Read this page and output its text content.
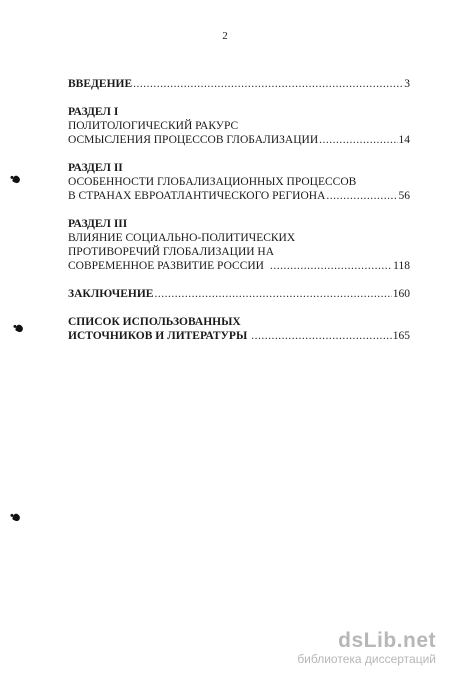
2
ВВЕДЕНИЕ .....	3
РАЗДЕЛ I
ПОЛИТОЛОГИЧЕСКИЙ РАКУРС
ОСМЫСЛЕНИЯ ПРОЦЕССОВ ГЛОБАЛИЗАЦИИ .....	14
РАЗДЕЛ II
ОСОБЕННОСТИ ГЛОБАЛИЗАЦИОННЫХ ПРОЦЕССОВ
В СТРАНАХ ЕВРОАТЛАНТИЧЕСКОГО РЕГИОНА .....	56
РАЗДЕЛ III
ВЛИЯНИЕ СОЦИАЛЬНО-ПОЛИТИЧЕСКИХ
ПРОТИВОРЕЧИЙ ГЛОБАЛИЗАЦИИ НА
СОВРЕМЕННОЕ РАЗВИТИЕ РОССИИ .....	118
ЗАКЛЮЧЕНИЕ .....	160
СПИСОК ИСПОЛЬЗОВАННЫХ
ИСТОЧНИКОВ И ЛИТЕРАТУРЫ .....	165
dsLib.net
библиотека диссертаций
